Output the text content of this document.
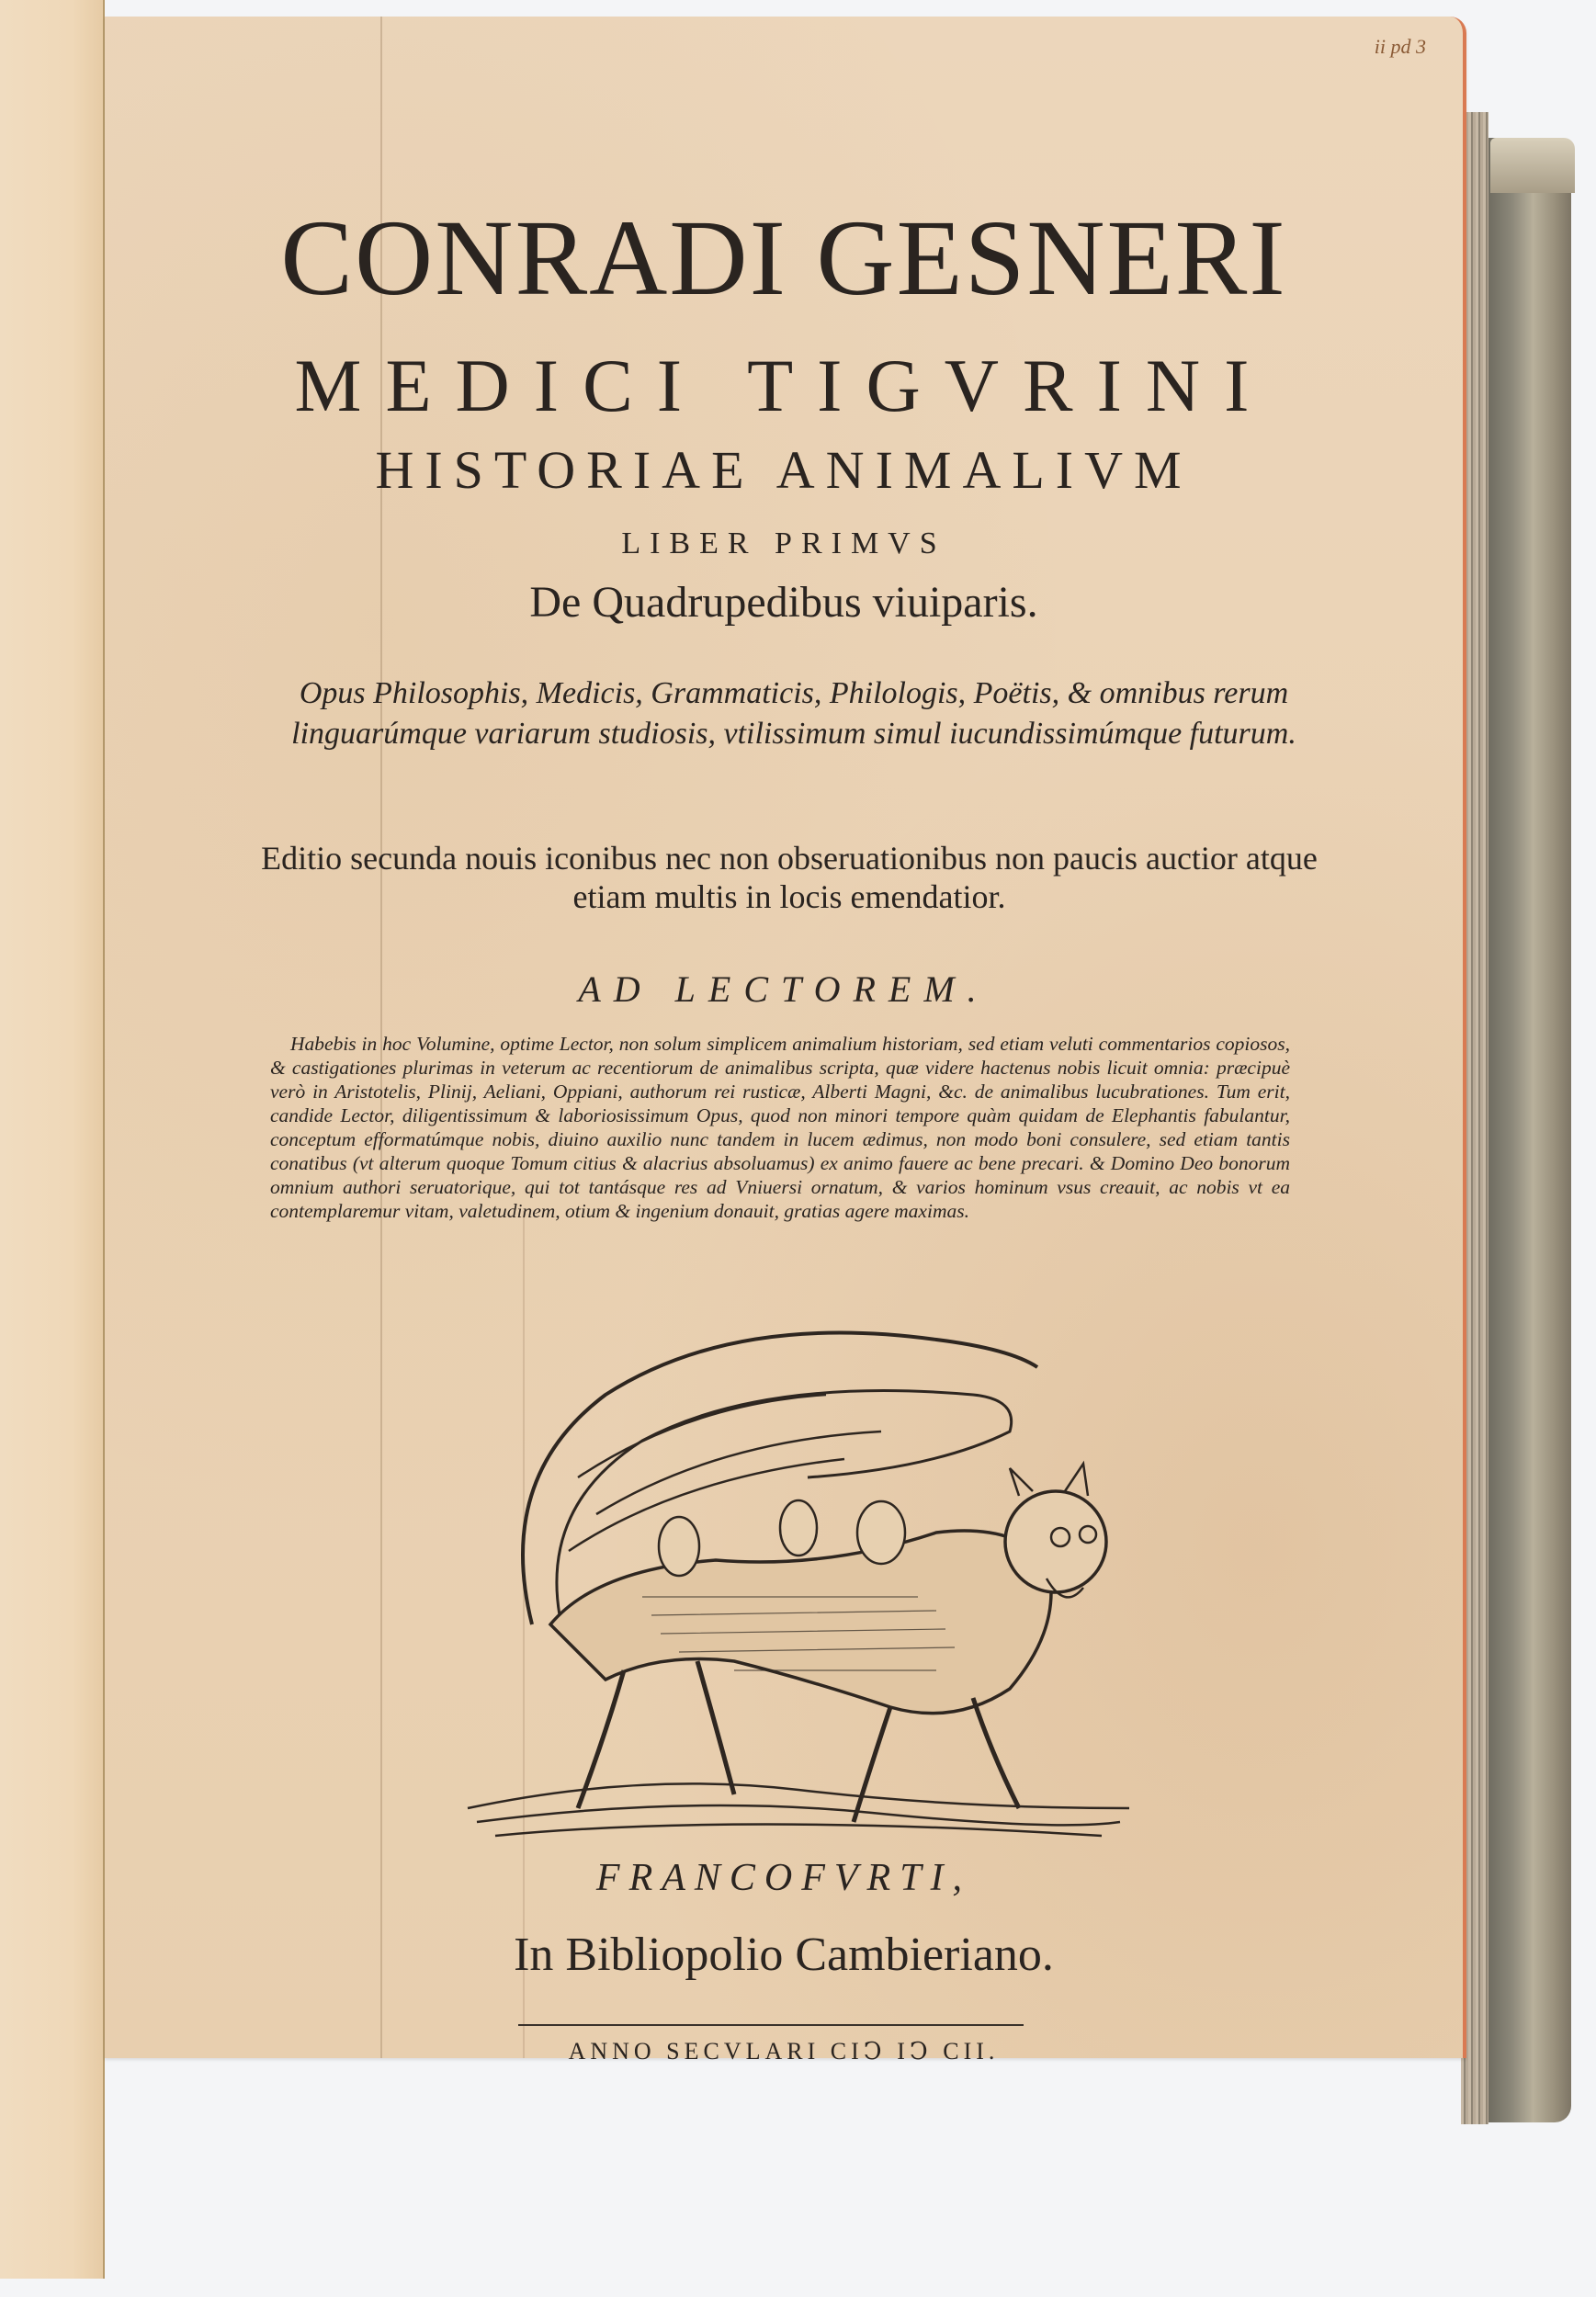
ii pd 3
CONRADI GESNERI
MEDICI TIGVRINI
HISTORIAE ANIMALIVM
LIBER PRIMVS
De Quadrupedibus viuiparis.
Opus Philosophis, Medicis, Grammaticis, Philologis, Poëtis, & omnibus rerum linguarúmque variarum studiosis, vtilissimum simul iucundissimúmque futurum.
Editio secunda nouis iconibus nec non obseruationibus non paucis auctior atque etiam multis in locis emendatior.
AD LECTOREM.
Habebis in hoc Volumine, optime Lector, non solum simplicem animalium historiam, sed etiam veluti commentarios copiosos, & castigationes plurimas in veterum ac recentiorum de animalibus scripta, quæ videre hactenus nobis licuit omnia: præcipuè verò in Aristotelis, Plinij, Aeliani, Oppiani, authorum rei rusticæ, Alberti Magni, &c. de animalibus lucubrationes. Tum erit, candide Lector, diligentissimum & laboriosissimum Opus, quod non minori tempore quàm quidam de Elephantis fabulantur, conceptum efformatúmque nobis, diuino auxilio nunc tandem in lucem ædimus, non modo boni consulere, sed etiam tantis conatibus (vt alterum quoque Tomum citius & alacrius absoluamus) ex animo fauere ac bene precari. & Domino Deo bonorum omnium authori seruatorique, qui tot tantásque res ad Vniuersi ornatum, & varios hominum vsus creauit, ac nobis vt ea contemplaremur vitam, valetudinem, otium & ingenium donauit, gratias agere maximas.
FRANCOFVRTI,
In Bibliopolio Cambieriano.
ANNO SECVLARI CIↃ IↃ CII.
